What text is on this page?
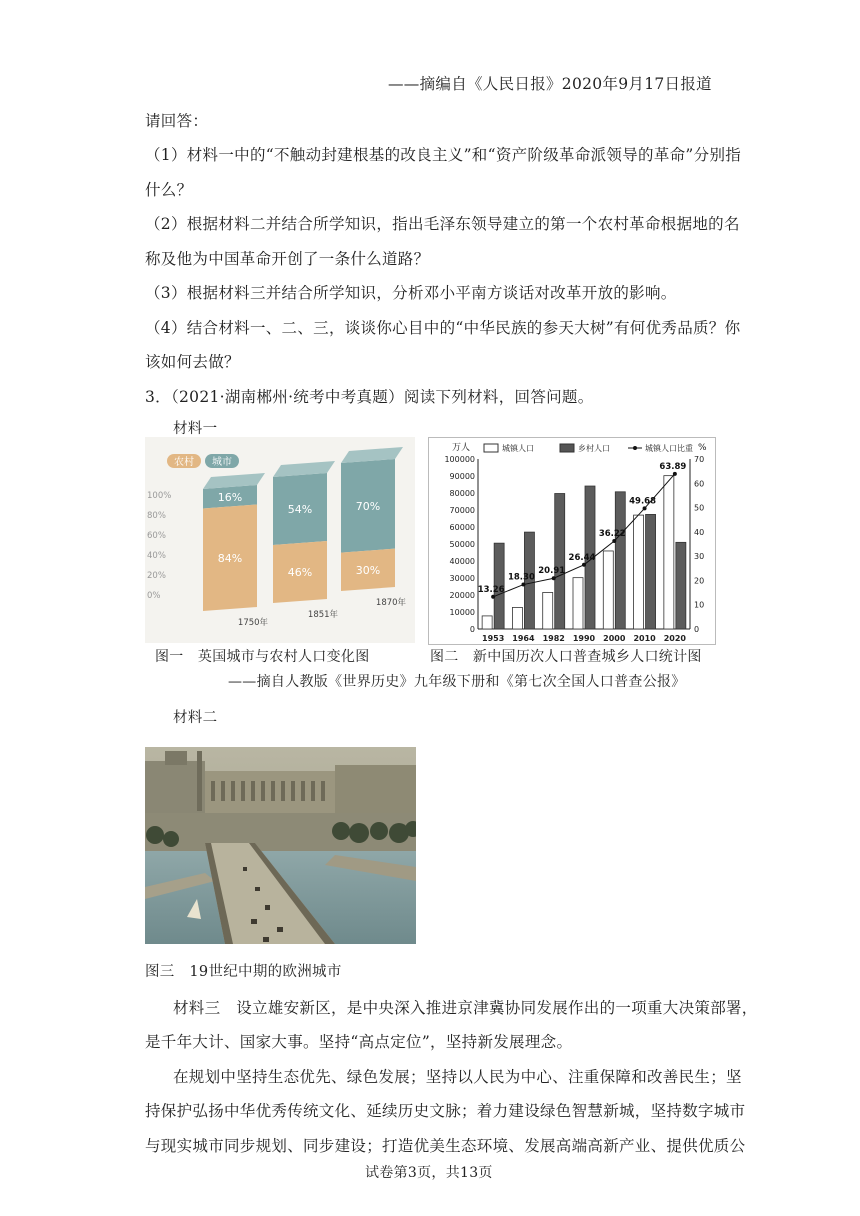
——摘编自《人民日报》2020年9月17日报道
请回答：
（1）材料一中的“不触动封建根基的改良主义”和“资产阶级革命派领导的革命”分别指
什么？
（2）根据材料二并结合所学知识，指出毛泽东领导建立的第一个农村革命根据地的名
称及他为中国革命开创了一条什么道路？
（3）根据材料三并结合所学知识，分析邓小平南方谈话对改革开放的影响。
（4）结合材料一、二、三，谈谈你心目中的“中华民族的参天大树”有何优秀品质？你
该如何去做？
3．（2021·湖南郴州·统考中考真题）阅读下列材料，回答问题。
材料一
农村 城市
100%
80%
60%
40%
20%
0%
16%
84%
1750年
54%
46%
1851年
70%
30%
1870年
图一　英国城市与农村人口变化图
万人	%
城镇人口	乡村人口	城镇人口比重
100000
90000
80000
70000
60000
50000
40000
30000
20000
10000
0
70
60
50
40
30
20
10
0
1953 1964 1982 1990 2000 2010 2020
13.26
18.30
20.91
26.44
36.22
49.68
63.89
图二　新中国历次人口普查城乡人口统计图
——摘自人教版《世界历史》九年级下册和《第七次全国人口普查公报》
材料二
图三　19世纪中期的欧洲城市
材料三　设立雄安新区，是中央深入推进京津冀协同发展作出的一项重大决策部署，
是千年大计、国家大事。坚持“高点定位”，坚持新发展理念。
在规划中坚持生态优先、绿色发展；坚持以人民为中心、注重保障和改善民生；坚
持保护弘扬中华优秀传统文化、延续历史文脉；着力建设绿色智慧新城，坚持数字城市
与现实城市同步规划、同步建设；打造优美生态环境、发展高端高新产业、提供优质公
试卷第3页，共13页
